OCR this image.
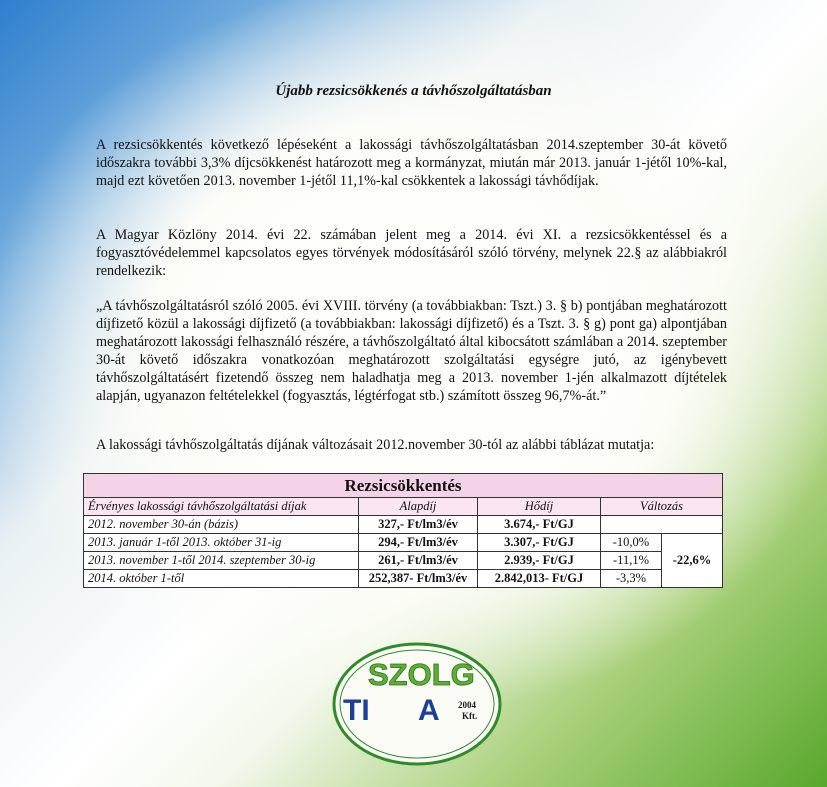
Újabb rezsicsökkenés a távhőszolgáltatásban
A rezsicsökkentés következő lépéseként a lakossági távhőszolgáltatásban 2014.szeptember 30-át követő időszakra további 3,3% díjcsökkenést határozott meg a kormányzat, miután már 2013. január 1-jétől 10%-kal, majd ezt követően 2013. november 1-jétől 11,1%-kal csökkentek a lakossági távhődíjak.
A Magyar Közlöny 2014. évi 22. számában jelent meg a 2014. évi XI. a rezsicsökkentéssel és a fogyasztóvédelemmel kapcsolatos egyes törvények módosításáról szóló törvény, melynek 22.§ az alábbiakról rendelkezik:
„A távhőszolgáltatásról szóló 2005. évi XVIII. törvény (a továbbiakban: Tszt.) 3. § b) pontjában meghatározott díjfizető közül a lakossági díjfizető (a továbbiakban: lakossági díjfizető) és a Tszt. 3. § g) pont ga) alpontjában meghatározott lakossági felhasználó részére, a távhőszolgáltató által kibocsátott számlában a 2014. szeptember 30-át követő időszakra vonatkozóan meghatározott szolgáltatási egységre jutó, az igénybevett távhőszolgáltatásért fizetendő összeg nem haladhatja meg a 2013. november 1-jén alkalmazott díjtételek alapján, ugyanazon feltételekkel (fogyasztás, légtérfogat stb.) számított összeg 96,7%-át.”
A lakossági távhőszolgáltatás díjának változásait 2012.november 30-tól az alábbi táblázat mutatja:
Rezsicsökkentés				
Érvényes lakossági távhőszolgáltatási díjak	Alapdíj	Hődíj	Változás	
2012. november 30-án (bázis)	327,- Ft/lm3/év	3.674,- Ft/GJ		
2013. január 1-től 2013. október 31-ig	294,- Ft/lm3/év	3.307,- Ft/GJ	-10,0%	-22,6%
2013. november 1-től 2014. szeptember 30-ig	261,- Ft/lm3/év	2.939,- Ft/GJ	-11,1%	
2014. október 1-től	252,387- Ft/lm3/év	2.842,013- Ft/GJ	-3,3%	
SZOLG
TI A 2004
Kft.
